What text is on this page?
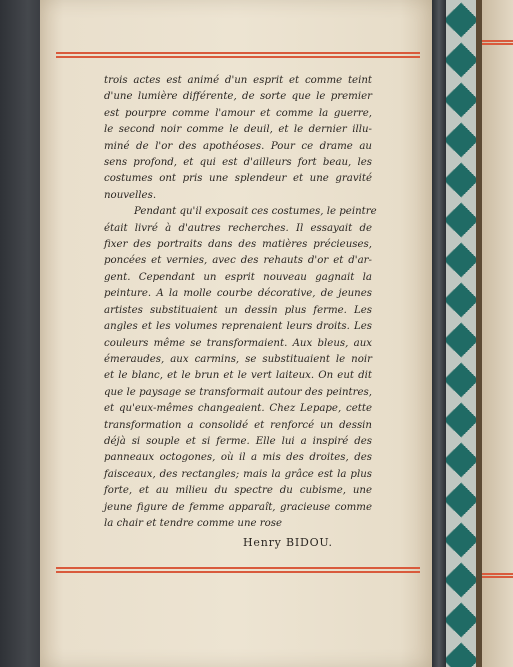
trois actes est animé d'un esprit et comme teint
d'une lumière différente, de sorte que le premier
est pourpre comme l'amour et comme la guerre,
le second noir comme le deuil, et le dernier illu-
miné de l'or des apothéoses. Pour ce drame au
sens profond, et qui est d'ailleurs fort beau, les
costumes ont pris une splendeur et une gravité
nouvelles.
Pendant qu'il exposait ces costumes, le peintre
était livré à d'autres recherches. Il essayait de
fixer des portraits dans des matières précieuses,
poncées et vernies, avec des rehauts d'or et d'ar-
gent. Cependant un esprit nouveau gagnait la
peinture. A la molle courbe décorative, de jeunes
artistes substituaient un dessin plus ferme. Les
angles et les volumes reprenaient leurs droits. Les
couleurs même se transformaient. Aux bleus, aux
émeraudes, aux carmins, se substituaient le noir
et le blanc, et le brun et le vert laiteux. On eut dit
que le paysage se transformait autour des peintres,
et qu'eux-mêmes changeaient. Chez Lepape, cette
transformation a consolidé et renforcé un dessin
déjà si souple et si ferme. Elle lui a inspiré des
panneaux octogones, où il a mis des droites, des
faisceaux, des rectangles; mais la grâce est la plus
forte, et au milieu du spectre du cubisme, une
jeune figure de femme apparaît, gracieuse comme
la chair et tendre comme une rose
Henry BIDOU.
